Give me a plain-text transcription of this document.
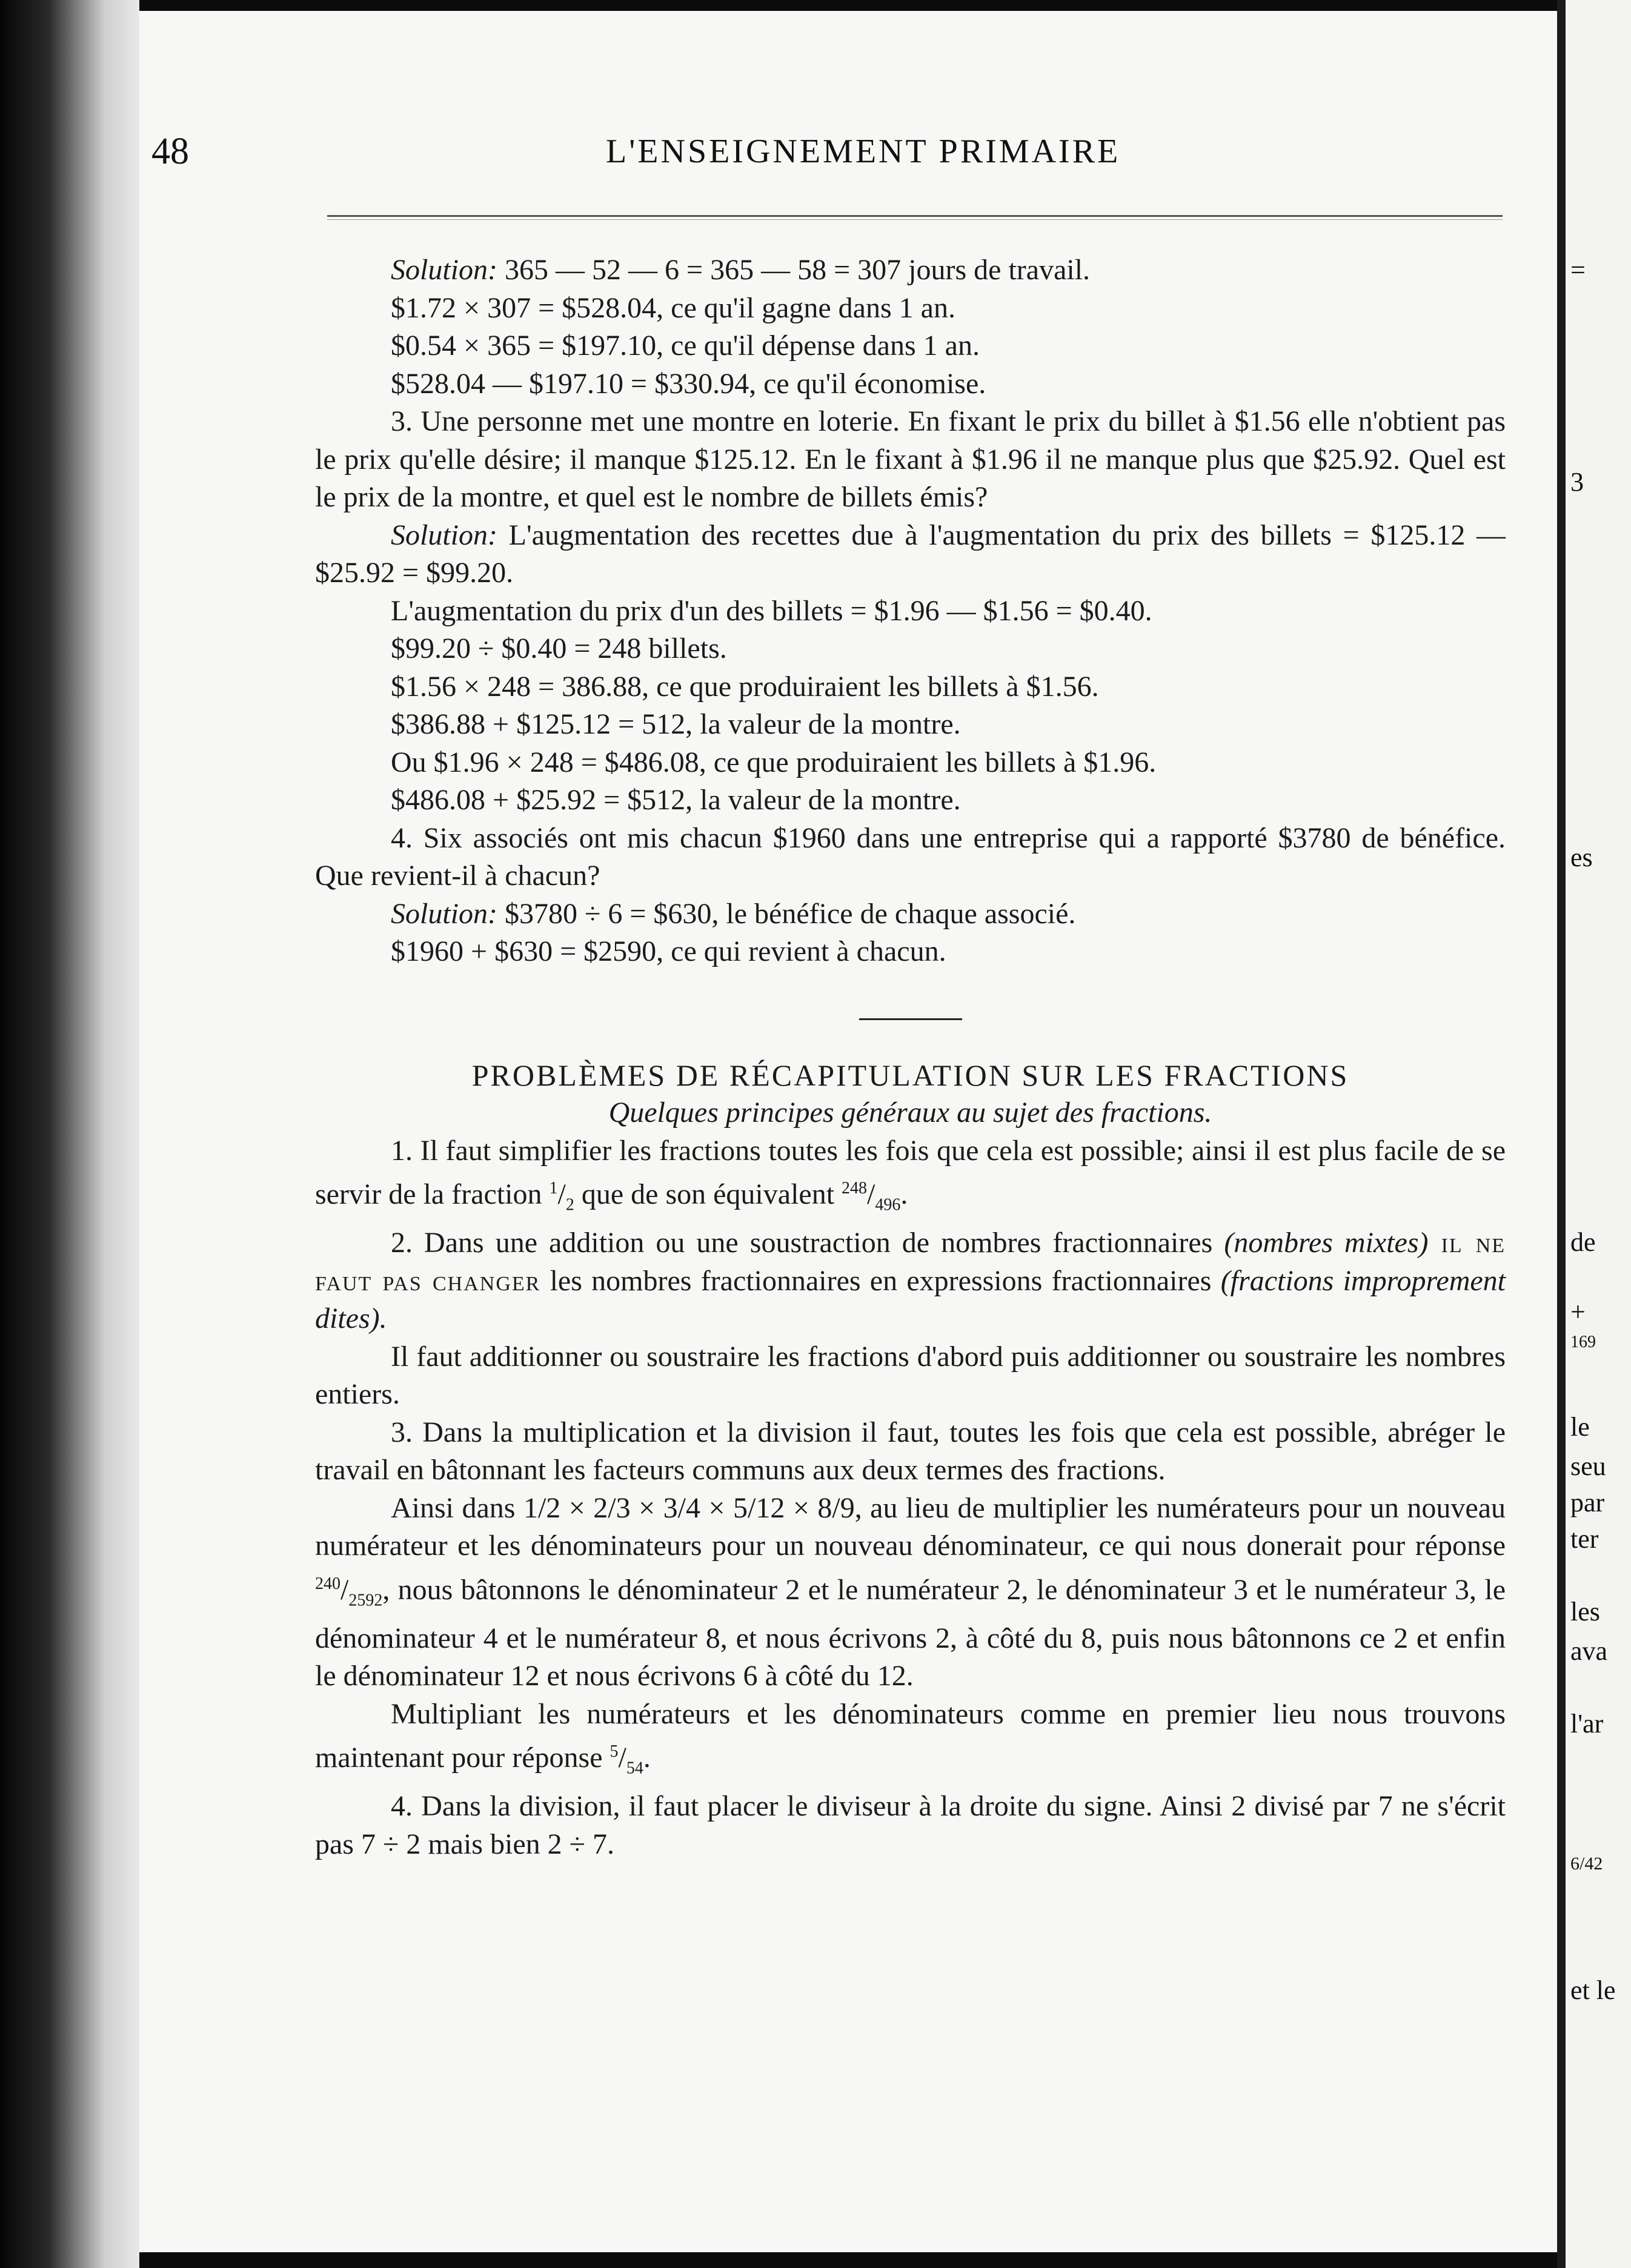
48	L'ENSEIGNEMENT PRIMAIRE

Solution: 365 — 52 — 6 = 365 — 58 = 307 jours de travail.

$1.72 × 307 = $528.04, ce qu'il gagne dans 1 an.

$0.54 × 365 = $197.10, ce qu'il dépense dans 1 an.

$528.04 — $197.10 = $330.94, ce qu'il économise.

3. Une personne met une montre en loterie. En fixant le prix du billet à $1.56 elle n'obtient pas le prix qu'elle désire; il manque $125.12. En le fixant à $1.96 il ne manque plus que $25.92. Quel est le prix de la montre, et quel est le nombre de billets émis?

Solution: L'augmentation des recettes due à l'augmentation du prix des billets = $125.12 — $25.92 = $99.20.

L'augmentation du prix d'un des billets = $1.96 — $1.56 = $0.40.

$99.20 ÷ $0.40 = 248 billets.

$1.56 × 248 = 386.88, ce que produiraient les billets à $1.56.

$386.88 + $125.12 = 512, la valeur de la montre.

Ou $1.96 × 248 = $486.08, ce que produiraient les billets à $1.96.

$486.08 + $25.92 = $512, la valeur de la montre.

4. Six associés ont mis chacun $1960 dans une entreprise qui a rapporté $3780 de bénéfice. Que revient-il à chacun?

Solution: $3780 ÷ 6 = $630, le bénéfice de chaque associé.

$1960 + $630 = $2590, ce qui revient à chacun.

PROBLÈMES DE RÉCAPITULATION SUR LES FRACTIONS

Quelques principes généraux au sujet des fractions.

1. Il faut simplifier les fractions toutes les fois que cela est possible; ainsi il est plus facile de se servir de la fraction $^1/_2$ que de son équivalent $^{248}/_{496}$.

2. Dans une addition ou une soustraction de nombres fractionnaires (nombres mixtes) il ne faut pas changer les nombres fractionnaires en expressions fractionnaires (fractions improprement dites).

Il faut additionner ou soustraire les fractions d'abord puis additionner ou soustraire les nombres entiers.

3. Dans la multiplication et la division il faut, toutes les fois que cela est possible, abréger le travail en bâtonnant les facteurs communs aux deux termes des fractions.

Ainsi dans 1/2 × 2/3 × 3/4 × 5/12 × 8/9, au lieu de multiplier les numérateurs pour un nouveau numérateur et les dénominateurs pour un nouveau dénominateur, ce qui nous donerait pour réponse $^{240}/_{2592}$, nous bâtonnons le dénominateur 2 et le numérateur 2, le dénominateur 3 et le numérateur 3, le dénominateur 4 et le numérateur 8, et nous écrivons 2, à côté du 8, puis nous bâtonnons ce 2 et enfin le dénominateur 12 et nous écrivons 6 à côté du 12.

Multipliant les numérateurs et les dénominateurs comme en premier lieu nous trouvons maintenant pour réponse $^5/_{54}$.

4. Dans la division, il faut placer le diviseur à la droite du signe. Ainsi 2 divisé par 7 ne s'écrit pas 7 ÷ 2 mais bien 2 ÷ 7.

=
3
es
de
+
169
le
seu
par
ter
les
ava
l'ar
6/42
et le
